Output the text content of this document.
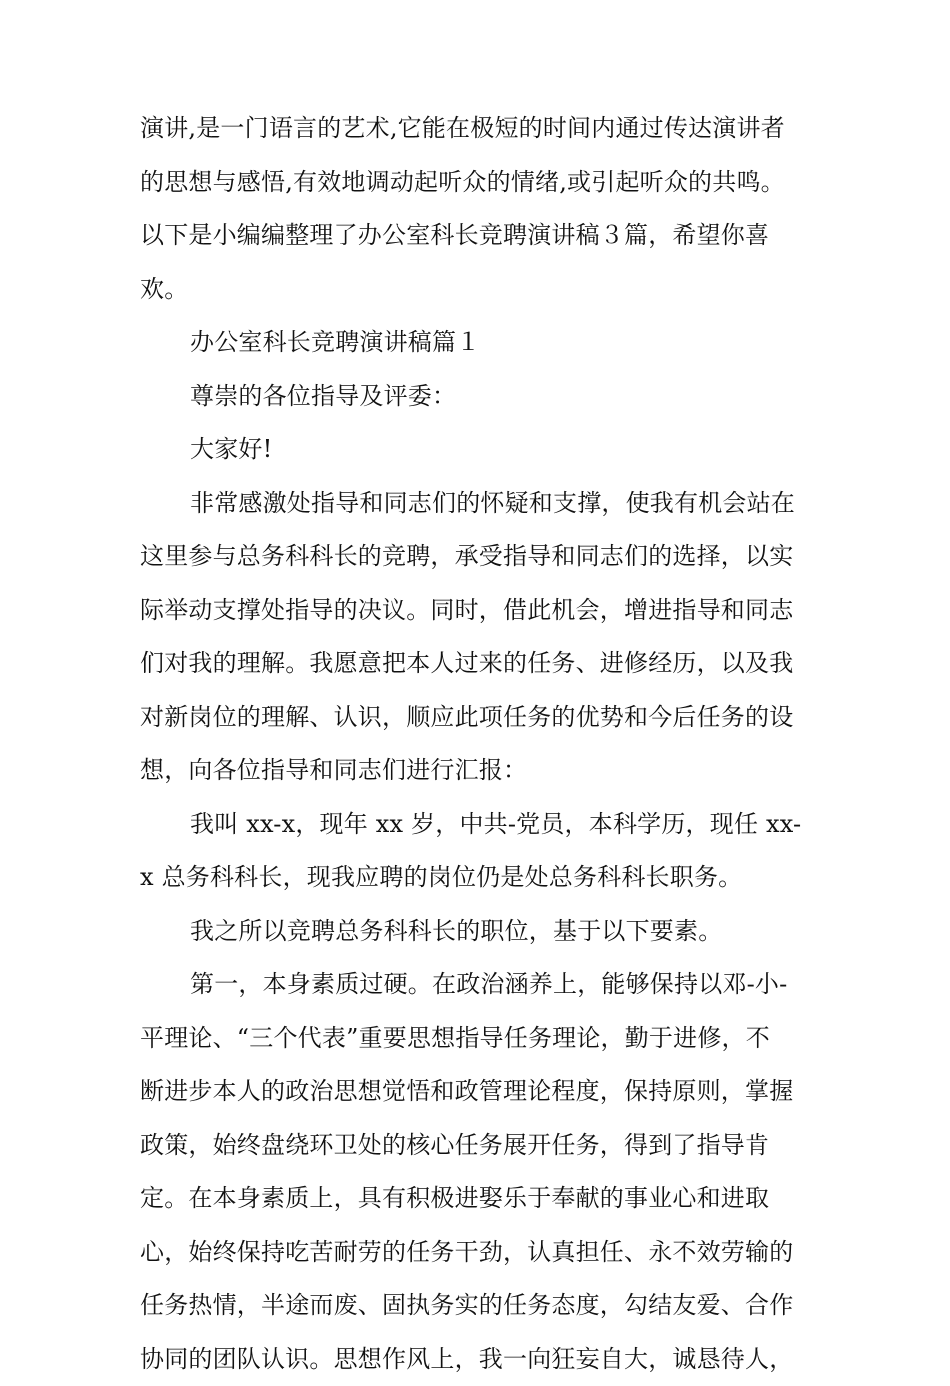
演讲,是一门语言的艺术,它能在极短的时间内通过传达演讲者
的思想与感悟,有效地调动起听众的情绪,或引起听众的共鸣。
以下是小编编整理了办公室科长竞聘演讲稿３篇，希望你喜
欢。
办公室科长竞聘演讲稿篇１
尊崇的各位指导及评委：
大家好!
非常感激处指导和同志们的怀疑和支撑，使我有机会站在
这里参与总务科科长的竞聘，承受指导和同志们的选择，以实
际举动支撑处指导的决议。同时，借此机会，增进指导和同志
们对我的理解。我愿意把本人过来的任务、进修经历，以及我
对新岗位的理解、认识，顺应此项任务的优势和今后任务的设
想，向各位指导和同志们进行汇报：
我叫 xx-x，现年 xx 岁，中共-党员，本科学历，现任 xx-
x 总务科科长，现我应聘的岗位仍是处总务科科长职务。
我之所以竞聘总务科科长的职位，基于以下要素。
第一，本身素质过硬。在政治涵养上，能够保持以邓-小-
平理论、“三个代表”重要思想指导任务理论，勤于进修，不
断进步本人的政治思想觉悟和政管理论程度，保持原则，掌握
政策，始终盘绕环卫处的核心任务展开任务，得到了指导肯
定。在本身素质上，具有积极进娶乐于奉献的事业心和进取
心，始终保持吃苦耐劳的任务干劲，认真担任、永不效劳输的
任务热情，半途而废、固执务实的任务态度，勾结友爱、合作
协同的团队认识。思想作风上，我一向狂妄自大，诚恳待人，
